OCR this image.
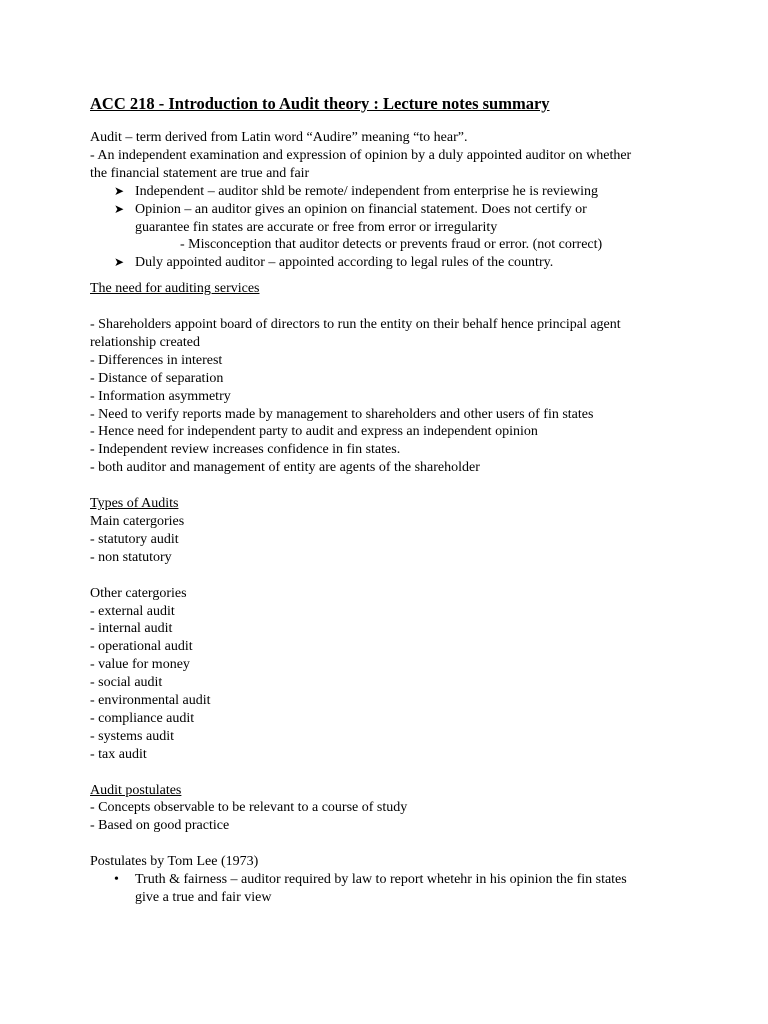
ACC 218 - Introduction to Audit theory : Lecture notes summary
Audit – term derived from Latin word “Audire” meaning “to hear”.
- An independent examination and expression of opinion by a duly appointed auditor on whether
the financial statement are true and fair
➤ Independent – auditor shld be remote/ independent from enterprise he is reviewing
➤ Opinion – an auditor gives an opinion on financial statement. Does not certify or
guarantee fin states are accurate or free from error or irregularity
- Misconception that auditor detects or prevents fraud or error. (not correct)
➤ Duly appointed auditor – appointed according to legal rules of the country.
The need for auditing services
- Shareholders appoint board of directors to run the entity on their behalf hence principal agent
relationship created
- Differences in interest
- Distance of separation
- Information asymmetry
- Need to verify reports made by management to shareholders and other users of fin states
- Hence need for independent party to audit and express an independent opinion
- Independent review increases confidence in fin states.
- both auditor and management of entity are agents of the shareholder
Types of Audits
Main catergories
- statutory audit
- non statutory
Other catergories
- external audit
- internal audit
- operational audit
- value for money
- social audit
- environmental audit
- compliance audit
- systems audit
- tax audit
Audit postulates
- Concepts observable to be relevant to a course of study
- Based on good practice
Postulates by Tom Lee (1973)
• Truth & fairness – auditor required by law to report whetehr in his opinion the fin states
give a true and fair view
